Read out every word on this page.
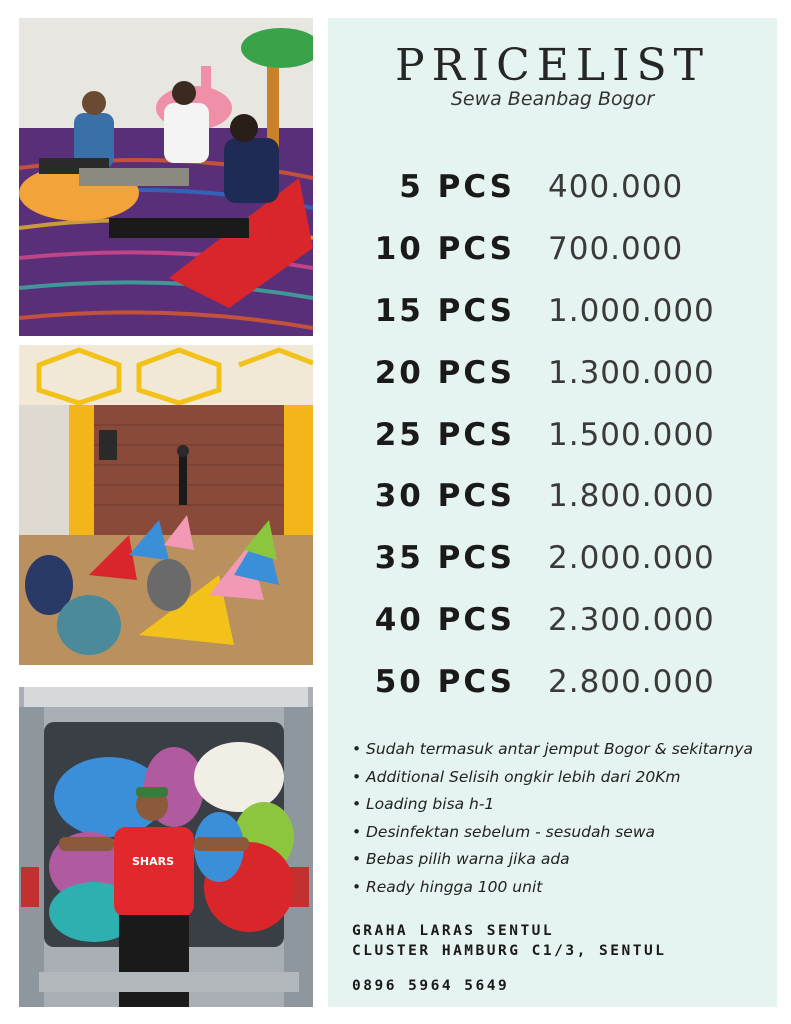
SHARS
PRICELIST
Sewa Beanbag Bogor
5 PCS 400.000
10 PCS 700.000
15 PCS 1.000.000
20 PCS 1.300.000
25 PCS 1.500.000
30 PCS 1.800.000
35 PCS 2.000.000
40 PCS 2.300.000
50 PCS 2.800.000
• Sudah termasuk antar jemput Bogor & sekitarnya
• Additional Selisih ongkir lebih dari 20Km
• Loading bisa h-1
• Desinfektan sebelum - sesudah sewa
• Bebas pilih warna jika ada
• Ready hingga 100 unit
GRAHA LARAS SENTUL
CLUSTER HAMBURG C1/3, SENTUL
0896 5964 5649
